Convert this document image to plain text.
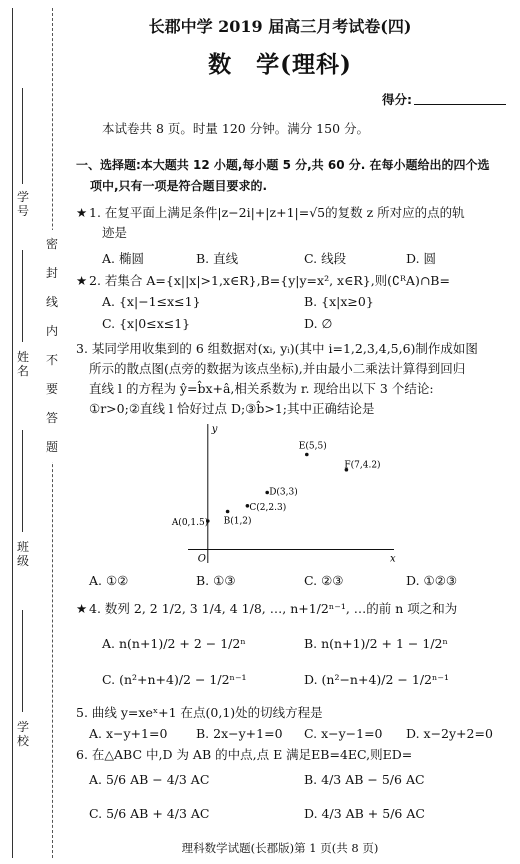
学 号
姓 名
班 级
学 校
密 封 线 内 不 要 答 题
长郡中学 2019 届高三月考试卷(四)
数　学(理科)
得分:
本试卷共 8 页。时量 120 分钟。满分 150 分。
一、选择题:本大题共 12 小题,每小题 5 分,共 60 分. 在每小题给出的四个选
项中,只有一项是符合题目要求的.
★ 1. 在复平面上满足条件|z−2i|+|z+1|=√5的复数 z 所对应的点的轨
迹是
A. 椭圆	B. 直线	C. 线段	D. 圆
★ 2. 若集合 A={x||x|>1,x∈R},B={y|y=x², x∈R},则(∁ᴿA)∩B=
A. {x|−1≤x≤1}	B. {x|x≥0}
C. {x|0≤x≤1}	D. ∅
3. 某同学用收集到的 6 组数据对(xᵢ, yᵢ)(其中 i=1,2,3,4,5,6)制作成如图
所示的散点图(点旁的数据为该点坐标),并由最小二乘法计算得到回归
直线 l 的方程为 ŷ=b̂x+â,相关系数为 r. 现给出以下 3 个结论:
①r>0;②直线 l 恰好过点 D;③b̂>1;其中正确结论是
x
y
O
A(0,1.5) B(1,2)
C(2,2.3)
D(3,3)
E(5,5)
F(7,4.2)
A. ①②	B. ①③	C. ②③	D. ①②③
★ 4. 数列 2, 2 1/2, 3 1/4, 4 1/8, …, n+1/2ⁿ⁻¹, …的前 n 项之和为
A. n(n+1)/2 + 2 − 1/2ⁿ	B. n(n+1)/2 + 1 − 1/2ⁿ
C. (n²+n+4)/2 − 1/2ⁿ⁻¹	D. (n²−n+4)/2 − 1/2ⁿ⁻¹
5. 曲线 y=xeˣ+1 在点(0,1)处的切线方程是
A. x−y+1=0 B. 2x−y+1=0 C. x−y−1=0 D. x−2y+2=0
6. 在△ABC 中,D 为 AB 的中点,点 E 满足EB=4EC,则ED=
A. 5/6 AB − 4/3 AC	B. 4/3 AB − 5/6 AC
C. 5/6 AB + 4/3 AC	D. 4/3 AB + 5/6 AC
理科数学试题(长郡版)第 1 页(共 8 页)
